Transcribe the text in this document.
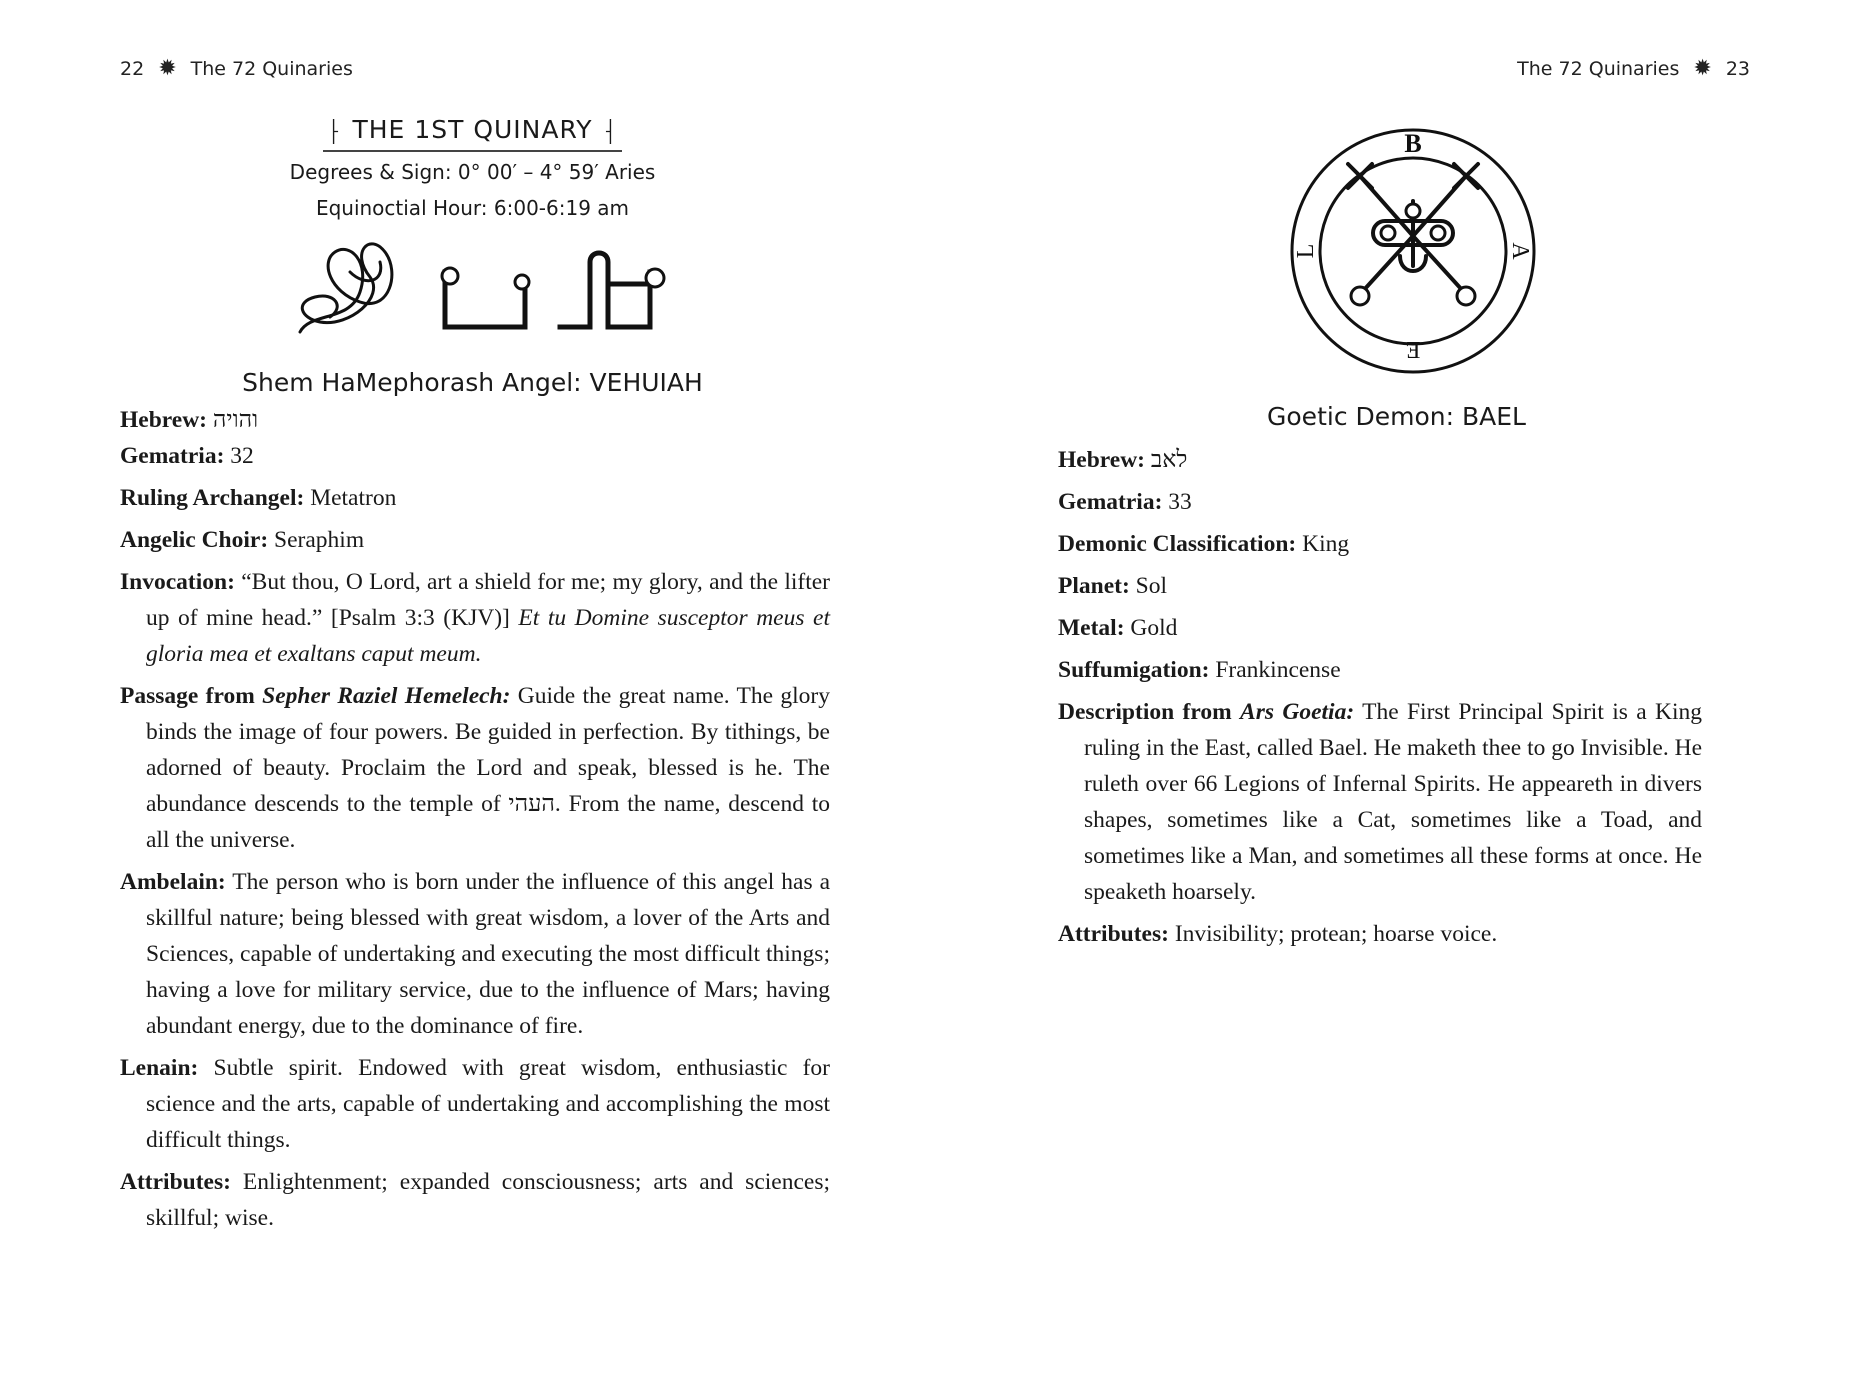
22 ✹ The 72 Quinaries
⸠ THE 1ST QUINARY ⸡
Degrees & Sign: 0° 00′ – 4° 59′ Aries
Equinoctial Hour: 6:00-6:19 am
Shem HaMephorash Angel: VEHUIAH

Hebrew: והויה

Gematria: 32

Ruling Archangel: Metatron

Angelic Choir: Seraphim

Invocation: “But thou, O Lord, art a shield for me; my glory, and the lifter up of mine head.” [Psalm 3:3 (KJV)] Et tu Domine susceptor meus et gloria mea et exaltans caput meum.

Passage from Sepher Raziel Hemelech: Guide the great name. The glory binds the image of four powers. Be guided in perfection. By tithings, be adorned of beauty. Proclaim the Lord and speak, blessed is he. The abundance descends to the temple of העהי. From the name, descend to all the universe.

Ambelain: The person who is born under the influence of this angel has a skillful nature; being blessed with great wisdom, a lover of the Arts and Sciences, capable of undertaking and executing the most difficult things; having a love for military service, due to the influence of Mars; having abundant energy, due to the dominance of fire.

Lenain: Subtle spirit. Endowed with great wisdom, enthusiastic for science and the arts, capable of undertaking and accomplishing the most difficult things.

Attributes: Enlightenment; expanded consciousness; arts and sciences; skillful; wise.

The 72 Quinaries ✹ 23
B
A
E
L
Goetic Demon: BAEL

Hebrew: לאב

Gematria: 33

Demonic Classification: King

Planet: Sol

Metal: Gold

Suffumigation: Frankincense

Description from Ars Goetia: The First Principal Spirit is a King ruling in the East, called Bael. He maketh thee to go Invisible. He ruleth over 66 Legions of Infernal Spirits. He appeareth in divers shapes, sometimes like a Cat, sometimes like a Toad, and sometimes like a Man, and sometimes all these forms at once. He speaketh hoarsely.

Attributes: Invisibility; protean; hoarse voice.
